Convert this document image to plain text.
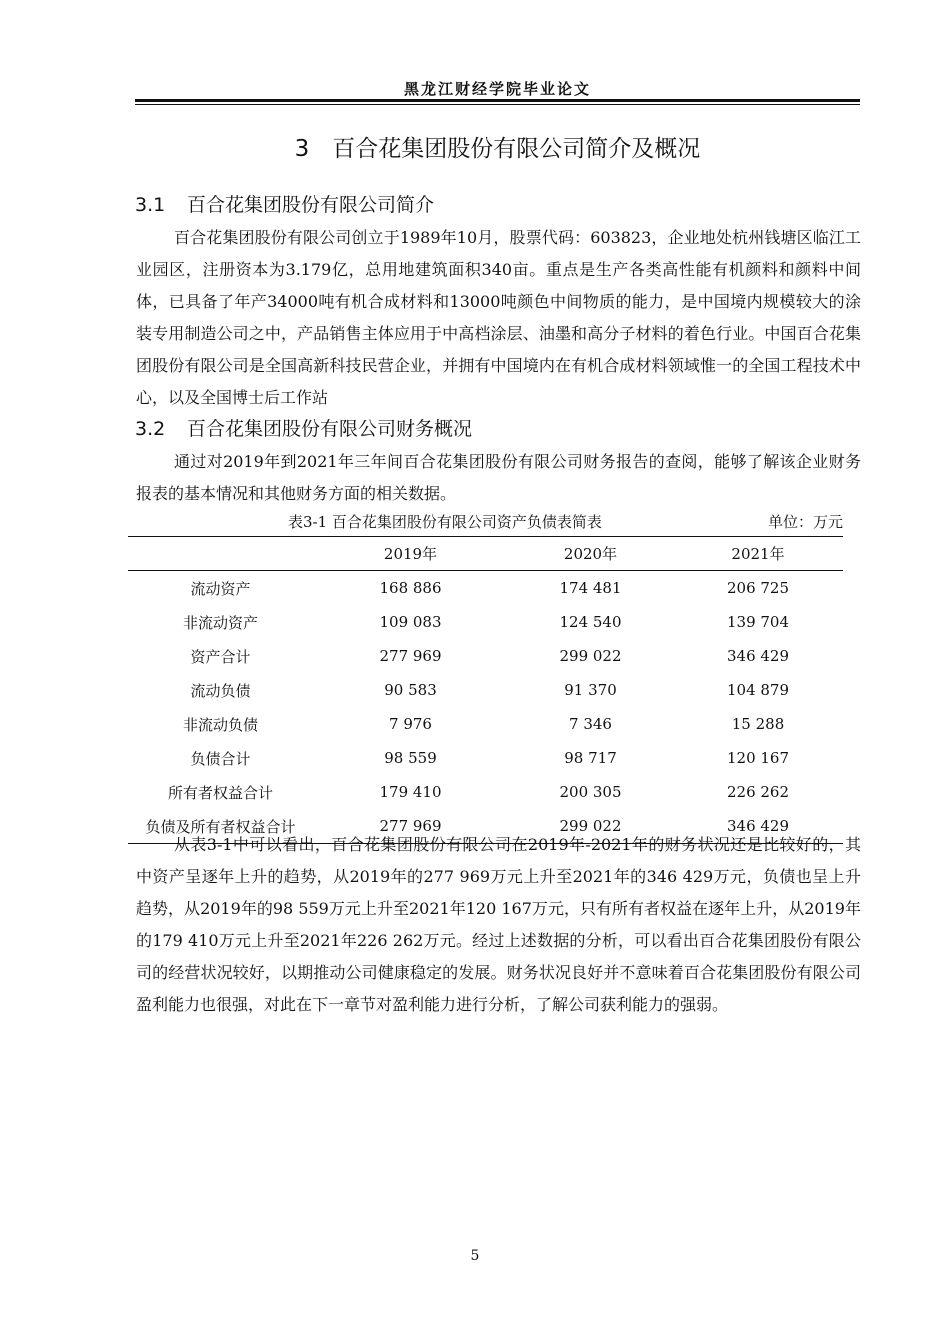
黑龙江财经学院毕业论文
3　百合花集团股份有限公司简介及概况
3.1 百合花集团股份有限公司简介

百合花集团股份有限公司创立于1989年10月，股票代码：603823，企业地处杭州钱塘区临江工业园区，注册资本为3.179亿，总用地建筑面积340亩。重点是生产各类高性能有机颜料和颜料中间体，已具备了年产34000吨有机合成材料和13000吨颜色中间物质的能力，是中国境内规模较大的涂装专用制造公司之中，产品销售主体应用于中高档涂层、油墨和高分子材料的着色行业。中国百合花集团股份有限公司是全国高新科技民营企业，并拥有中国境内在有机合成材料领域惟一的全国工程技术中心，以及全国博士后工作站

3.2 百合花集团股份有限公司财务概况

通过对2019年到2021年三年间百合花集团股份有限公司财务报告的查阅，能够了解该企业财务报表的基本情况和其他财务方面的相关数据。

表3-1 百合花集团股份有限公司资产负债表简表	单位：万元
	2019年	2020年	2021年
流动资产	168 886	174 481	206 725
非流动资产	109 083	124 540	139 704
资产合计	277 969	299 022	346 429
流动负债	90 583	91 370	104 879
非流动负债	7 976	7 346	15 288
负债合计	98 559	98 717	120 167
所有者权益合计	179 410	200 305	226 262
负债及所有者权益合计	277 969	299 022	346 429

从表3-1中可以看出，百合花集团股份有限公司在2019年-2021年的财务状况还是比较好的，其中资产呈逐年上升的趋势，从2019年的277 969万元上升至2021年的346 429万元，负债也呈上升趋势，从2019年的98 559万元上升至2021年120 167万元，只有所有者权益在逐年上升，从2019年的179 410万元上升至2021年226 262万元。经过上述数据的分析，可以看出百合花集团股份有限公司的经营状况较好，以期推动公司健康稳定的发展。财务状况良好并不意味着百合花集团股份有限公司盈利能力也很强，对此在下一章节对盈利能力进行分析，了解公司获利能力的强弱。

5
